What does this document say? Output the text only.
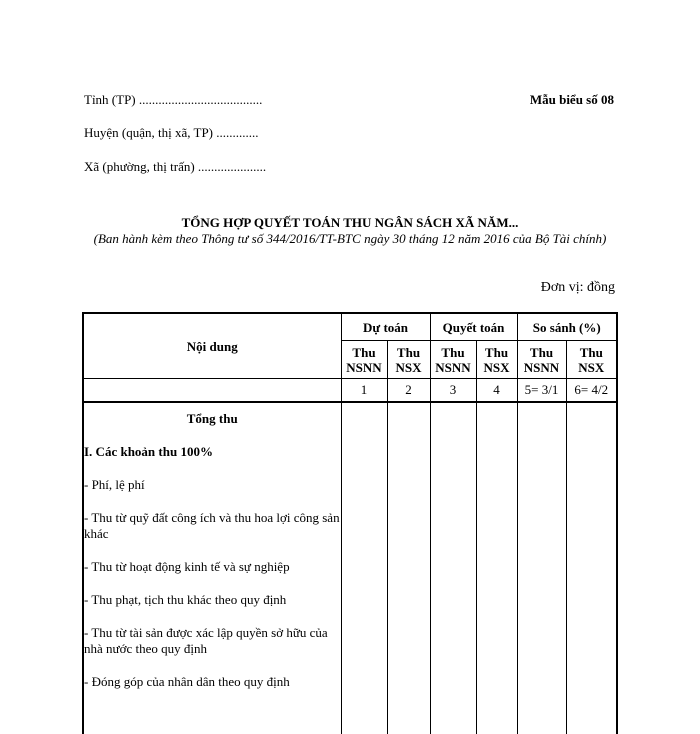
Tỉnh (TP) ......................................
Huyện (quận, thị xã, TP) .............
Xã (phường, thị trấn) .....................
Mẫu biểu số 08
TỔNG HỢP QUYẾT TOÁN THU NGÂN SÁCH XÃ NĂM...
(Ban hành kèm theo Thông tư số 344/2016/TT-BTC ngày 30 tháng 12 năm 2016 của Bộ Tài chính)
Đơn vị: đồng
Nội dung	Dự toán		Quyết toán		So sánh (%)	
	Thu NSNN	Thu NSX	Thu NSNN	Thu NSX	Thu NSNN	Thu NSX
	1	2	3	4	5= 3/1	6= 4/2
Tổng thu						
I. Các khoản thu 100%						
- Phí, lệ phí						
- Thu từ quỹ đất công ích và thu hoa lợi công sản khác						
- Thu từ hoạt động kinh tế và sự nghiệp						
- Thu phạt, tịch thu khác theo quy định						
- Thu từ tài sản được xác lập quyền sở hữu của nhà nước theo quy định						
- Đóng góp của nhân dân theo quy định						
